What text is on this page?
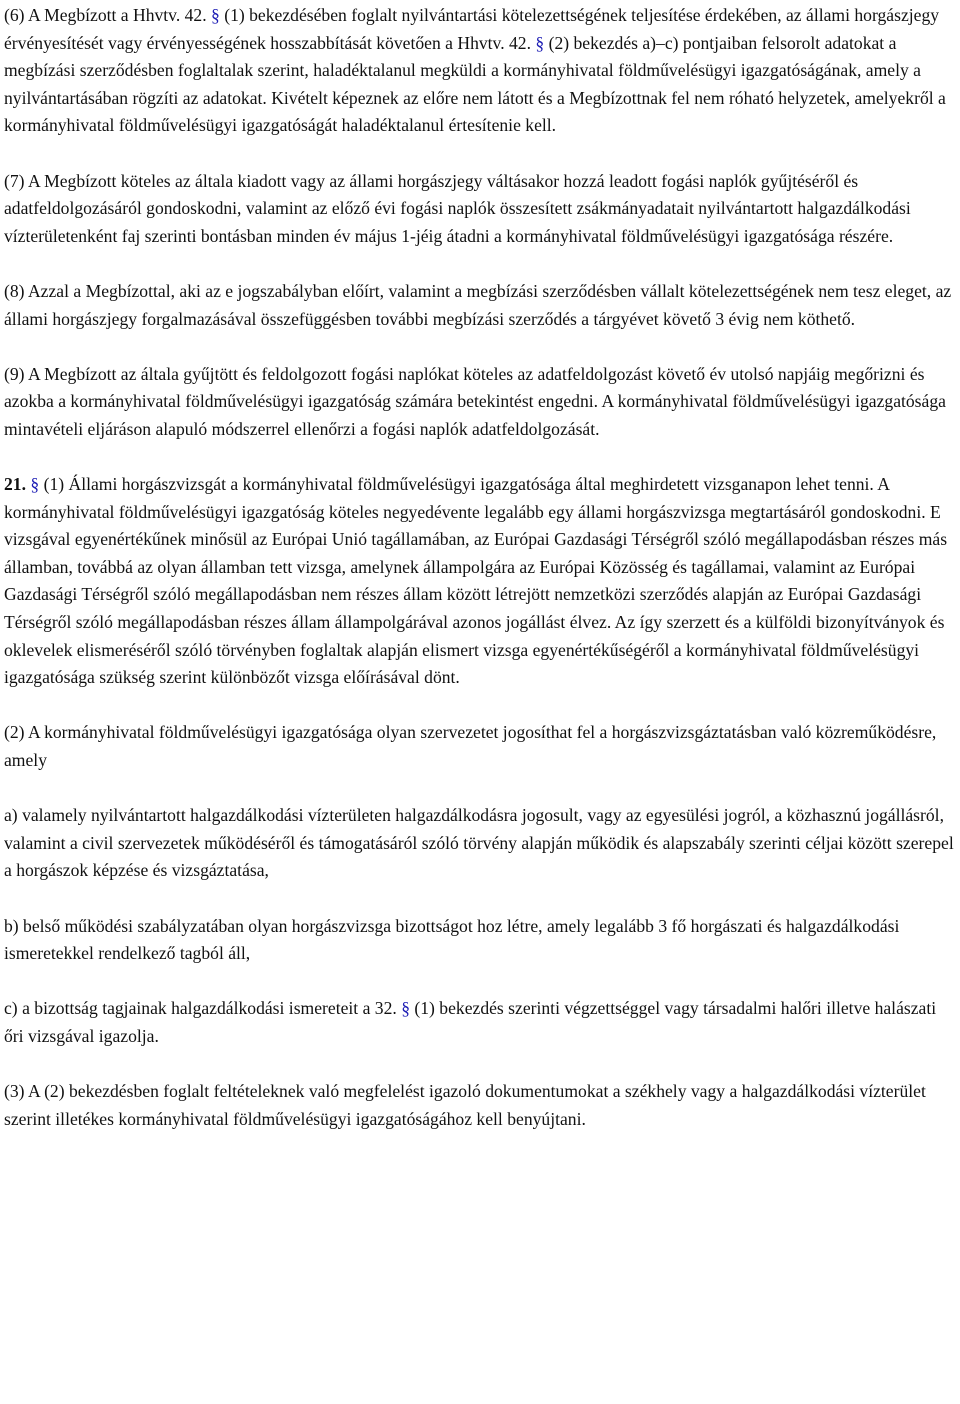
(6) A Megbízott a Hhvtv. 42. § (1) bekezdésében foglalt nyilvántartási kötelezettségének teljesítése érdekében, az állami horgászjegy érvényesítését vagy érvényességének hosszabbítását követően a Hhvtv. 42. § (2) bekezdés a)–c) pontjaiban felsorolt adatokat a megbízási szerződésben foglaltalak szerint, haladéktalanul megküldi a kormányhivatal földművelésügyi igazgatóságának, amely a nyilvántartásában rögzíti az adatokat. Kivételt képeznek az előre nem látott és a Megbízottnak fel nem róható helyzetek, amelyekről a kormányhivatal földművelésügyi igazgatóságát haladéktalanul értesítenie kell.

(7) A Megbízott köteles az általa kiadott vagy az állami horgászjegy váltásakor hozzá leadott fogási naplók gyűjtéséről és adatfeldolgozásáról gondoskodni, valamint az előző évi fogási naplók összesített zsákmányadatait nyilvántartott halgazdálkodási vízterületenként faj szerinti bontásban minden év május 1-jéig átadni a kormányhivatal földművelésügyi igazgatósága részére.

(8) Azzal a Megbízottal, aki az e jogszabályban előírt, valamint a megbízási szerződésben vállalt kötelezettségének nem tesz eleget, az állami horgászjegy forgalmazásával összefüggésben további megbízási szerződés a tárgyévet követő 3 évig nem köthető.

(9) A Megbízott az általa gyűjtött és feldolgozott fogási naplókat köteles az adatfeldolgozást követő év utolsó napjáig megőrizni és azokba a kormányhivatal földművelésügyi igazgatóság számára betekintést engedni. A kormányhivatal földművelésügyi igazgatósága mintavételi eljáráson alapuló módszerrel ellenőrzi a fogási naplók adatfeldolgozását.

21. § (1) Állami horgászvizsgát a kormányhivatal földművelésügyi igazgatósága által meghirdetett vizsganapon lehet tenni. A kormányhivatal földművelésügyi igazgatóság köteles negyedévente legalább egy állami horgászvizsga megtartásáról gondoskodni. E vizsgával egyenértékűnek minősül az Európai Unió tagállamában, az Európai Gazdasági Térségről szóló megállapodásban részes más államban, továbbá az olyan államban tett vizsga, amelynek állampolgára az Európai Közösség és tagállamai, valamint az Európai Gazdasági Térségről szóló megállapodásban nem részes állam között létrejött nemzetközi szerződés alapján az Európai Gazdasági Térségről szóló megállapodásban részes állam állampolgárával azonos jogállást élvez. Az így szerzett és a külföldi bizonyítványok és oklevelek elismeréséről szóló törvényben foglaltak alapján elismert vizsga egyenértékűségéről a kormányhivatal földművelésügyi igazgatósága szükség szerint különbözőt vizsga előírásával dönt.

(2) A kormányhivatal földművelésügyi igazgatósága olyan szervezetet jogosíthat fel a horgászvizsgáztatásban való közreműködésre, amely

a) valamely nyilvántartott halgazdálkodási vízterületen halgazdálkodásra jogosult, vagy az egyesülési jogról, a közhasznú jogállásról, valamint a civil szervezetek működéséről és támogatásáról szóló törvény alapján működik és alapszabály szerinti céljai között szerepel a horgászok képzése és vizsgáztatása,

b) belső működési szabályzatában olyan horgászvizsga bizottságot hoz létre, amely legalább 3 fő horgászati és halgazdálkodási ismeretekkel rendelkező tagból áll,

c) a bizottság tagjainak halgazdálkodási ismereteit a 32. § (1) bekezdés szerinti végzettséggel vagy társadalmi halőri illetve halászati őri vizsgával igazolja.

(3) A (2) bekezdésben foglalt feltételeknek való megfelelést igazoló dokumentumokat a székhely vagy a halgazdálkodási vízterület szerint illetékes kormányhivatal földművelésügyi igazgatóságához kell benyújtani.
